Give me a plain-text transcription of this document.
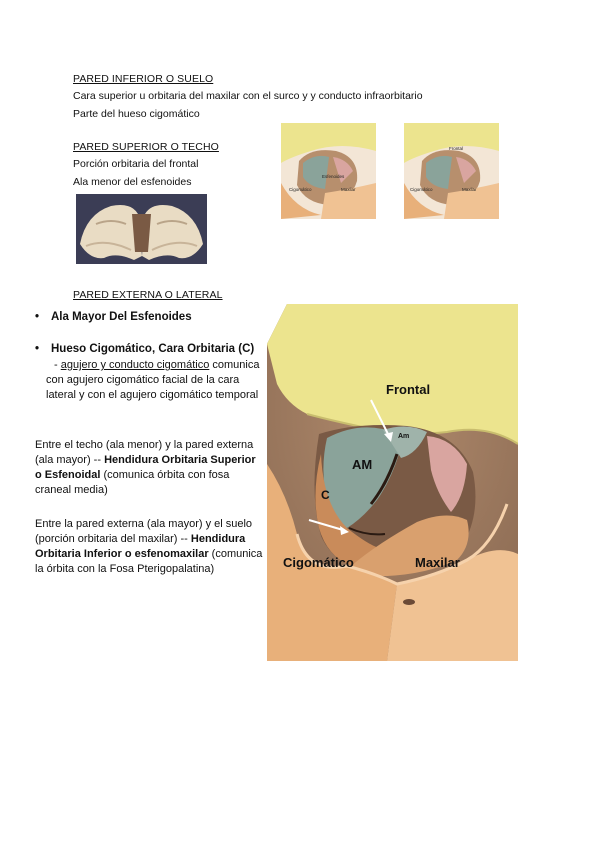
PARED INFERIOR O SUELO
Cara superior u orbitaria del maxilar con el surco y y conducto infraorbitario
Parte del hueso cigomático
PARED SUPERIOR O TECHO
Porción orbitaria del frontal
Ala menor del esfenoides	Esfenoides
Cigomático	Maxilar
Frontal
Cigomático	Maxilar
PARED EXTERNA O LATERAL
• Ala Mayor Del Esfenoides
• Hueso Cigomático, Cara Orbitaria (C)
- agujero y conducto cigomático comunica
con agujero cigomático facial de la cara
lateral y con el agujero cigomático temporal
Entre el techo (ala menor) y la pared externa
(ala mayor) -- Hendidura Orbitaria Superior
o Esfenoidal (comunica órbita con fosa
craneal media)
Entre la pared externa (ala mayor) y el suelo
(porción orbitaria del maxilar) -- Hendidura
Orbitaria Inferior o esfenomaxilar (comunica
la órbita con la Fosa Pterigopalatina)
Frontal
Am
AM
C
Cigomático	Maxilar
